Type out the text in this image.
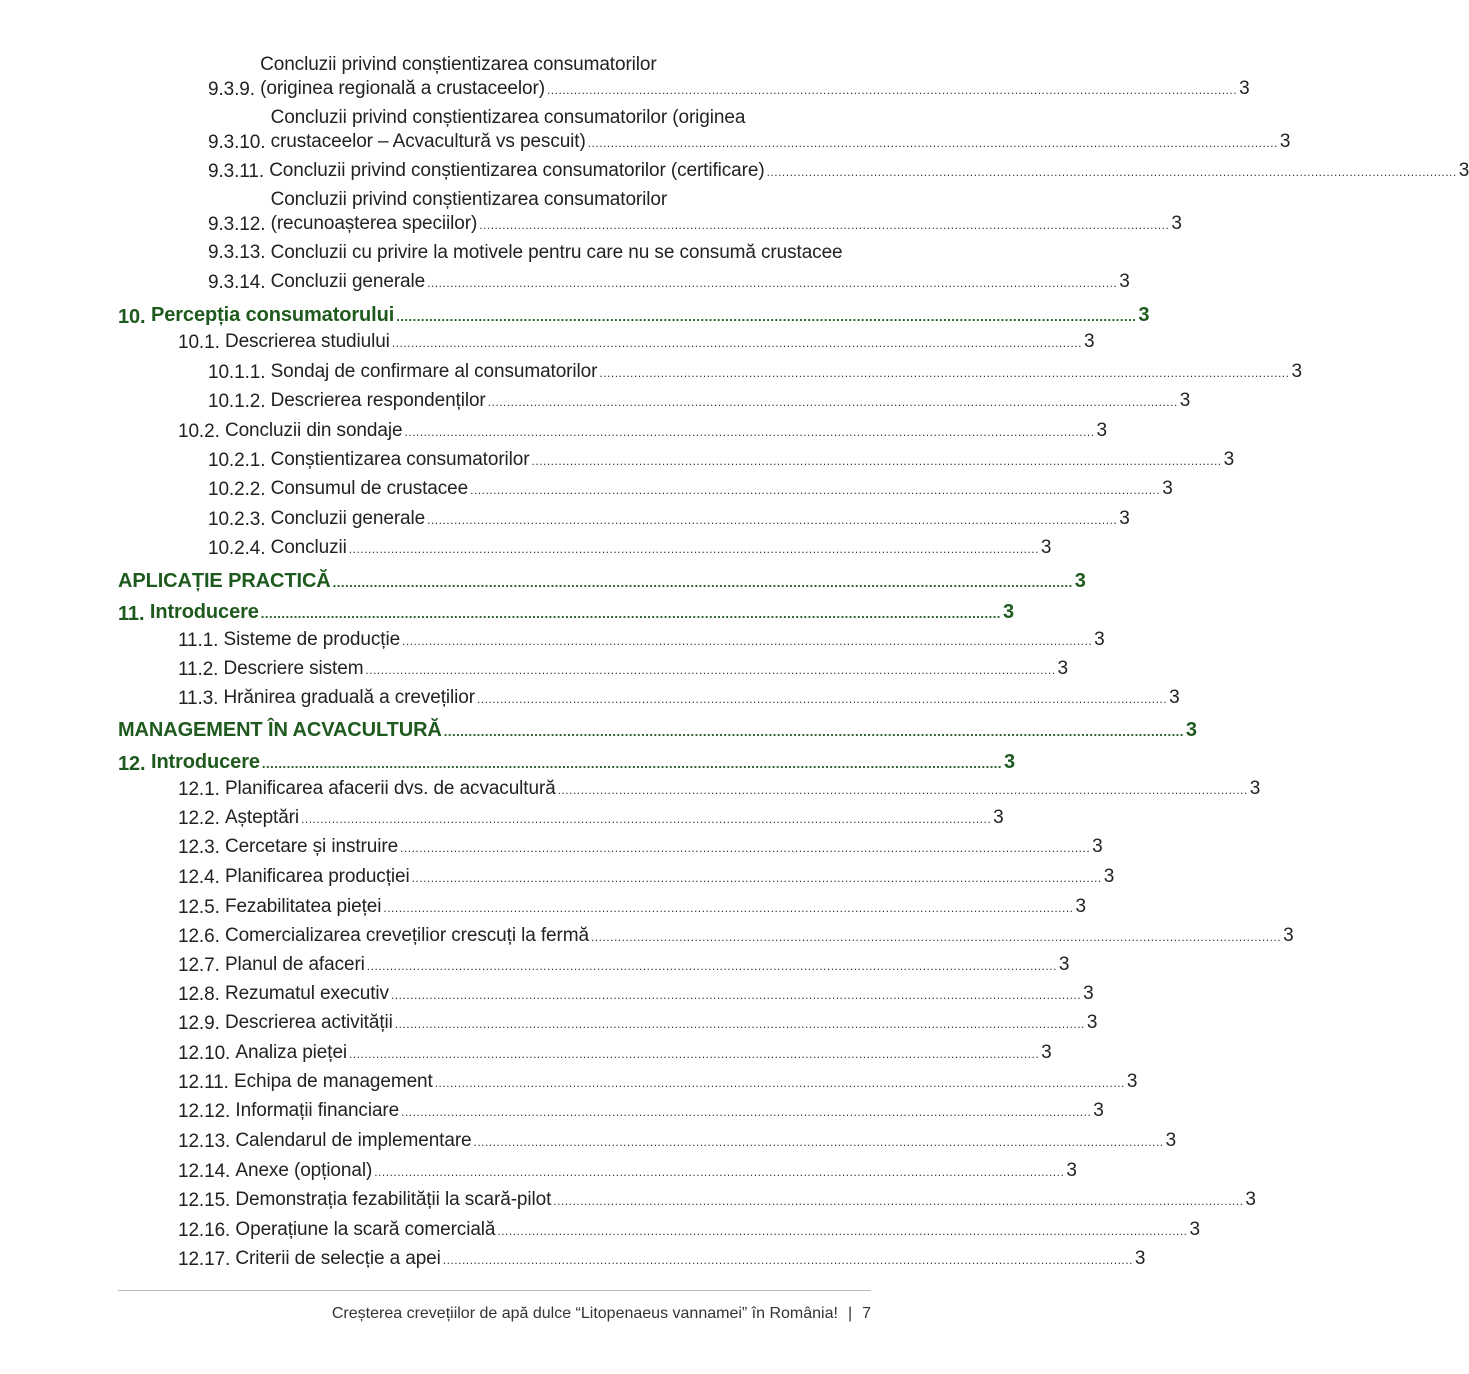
9.3.9.

Concluzii privind conștientizarea consumatorilor
(originea regională a crustaceelor) .................................................................................................................................................................................... 3
9.3.10.

Concluzii privind conștientizarea consumatorilor (originea
crustaceelor – Acvacultură vs pescuit) .................................................................................................................................................................................... 3
9.3.11.
Concluzii privind conștientizarea consumatorilor (certificare) .................................................................................................................................................................................... 3
9.3.12.

Concluzii privind conștientizarea consumatorilor
(recunoașterea speciilor) .................................................................................................................................................................................... 3
9.3.13.
Concluzii cu privire la motivele pentru care nu se consumă crustacee
9.3.14.
Concluzii generale .................................................................................................................................................................................... 3
10.
Percepția consumatorului .................................................................................................................................................................................... 3
10.1.
Descrierea studiului .................................................................................................................................................................................... 3
10.1.1.
Sondaj de confirmare al consumatorilor .................................................................................................................................................................................... 3
10.1.2.
Descrierea respondenților .................................................................................................................................................................................... 3
10.2.
Concluzii din sondaje .................................................................................................................................................................................... 3
10.2.1.
Conștientizarea consumatorilor .................................................................................................................................................................................... 3
10.2.2.
Consumul de crustacee .................................................................................................................................................................................... 3
10.2.3.
Concluzii generale .................................................................................................................................................................................... 3
10.2.4.
Concluzii .................................................................................................................................................................................... 3
APLICAȚIE PRACTICĂ .................................................................................................................................................................................... 3
11.
Introducere .................................................................................................................................................................................... 3
11.1.
Sisteme de producție .................................................................................................................................................................................... 3
11.2.
Descriere sistem .................................................................................................................................................................................... 3
11.3.
Hrănirea graduală a crevețilior .................................................................................................................................................................................... 3
MANAGEMENT ÎN ACVACULTURĂ .................................................................................................................................................................................... 3
12.
Introducere .................................................................................................................................................................................... 3
12.1.
Planificarea afacerii dvs. de acvacultură .................................................................................................................................................................................... 3
12.2.
Așteptări .................................................................................................................................................................................... 3
12.3.
Cercetare și instruire .................................................................................................................................................................................... 3
12.4.
Planificarea producției .................................................................................................................................................................................... 3
12.5.
Fezabilitatea pieței .................................................................................................................................................................................... 3
12.6.
Comercializarea crevețilior crescuți la fermă .................................................................................................................................................................................... 3
12.7.
Planul de afaceri .................................................................................................................................................................................... 3
12.8.
Rezumatul executiv .................................................................................................................................................................................... 3
12.9.
Descrierea activității .................................................................................................................................................................................... 3
12.10.
Analiza pieței .................................................................................................................................................................................... 3
12.11.
Echipa de management .................................................................................................................................................................................... 3
12.12.
Informații financiare .................................................................................................................................................................................... 3
12.13.
Calendarul de implementare .................................................................................................................................................................................... 3
12.14.
Anexe (opțional) .................................................................................................................................................................................... 3
12.15.
Demonstrația fezabilității la scară-pilot .................................................................................................................................................................................... 3
12.16.
Operațiune la scară comercială .................................................................................................................................................................................... 3
12.17.
Criterii de selecție a apei .................................................................................................................................................................................... 3
Creșterea crevețiilor de apă dulce “Litopenaeus vannamei” în România! | 7
